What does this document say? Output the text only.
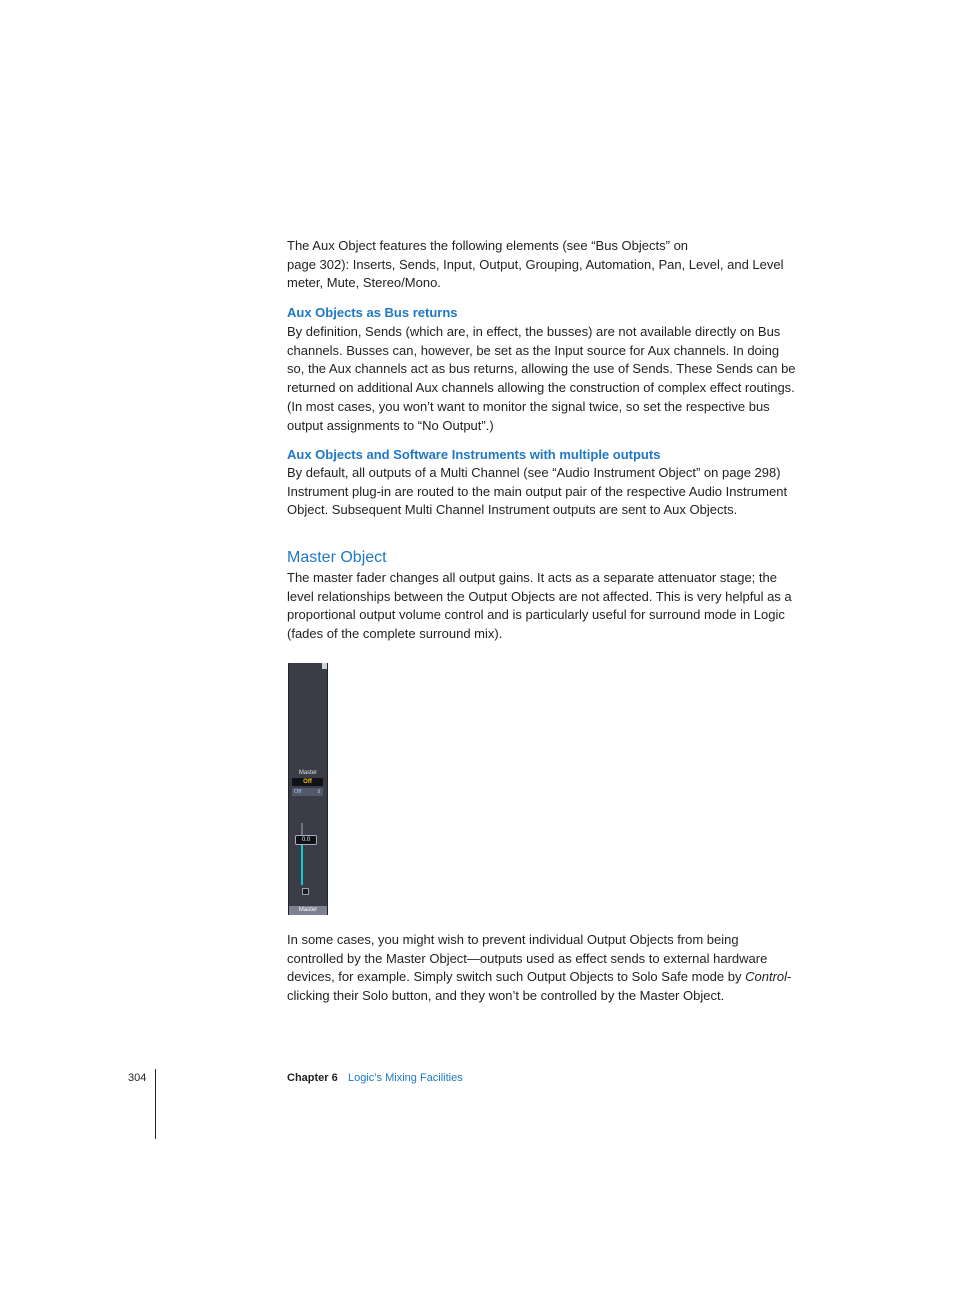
The Aux Object features the following elements (see “Bus Objects” on

page 302): Inserts, Sends, Input, Output, Grouping, Automation, Pan, Level, and Level meter, Mute, Stereo/Mono.

Aux Objects as Bus returns

By definition, Sends (which are, in effect, the busses) are not available directly on Bus channels. Busses can, however, be set as the Input source for Aux channels. In doing so, the Aux channels act as bus returns, allowing the use of Sends. These Sends can be returned on additional Aux channels allowing the construction of complex effect routings. (In most cases, you won’t want to monitor the signal twice, so set the respective bus output assignments to “No Output”.)

Aux Objects and Software Instruments with multiple outputs

By default, all outputs of a Multi Channel (see “Audio Instrument Object” on page 298) Instrument plug-in are routed to the main output pair of the respective Audio Instrument Object. Subsequent Multi Channel Instrument outputs are sent to Aux Objects.

Master Object

The master fader changes all output gains. It acts as a separate attenuator stage; the level relationships between the Output Objects are not affected. This is very helpful as a proportional output volume control and is particularly useful for surround mode in Logic (fades of the complete surround mix).

Master
Off
Off	⇕
0.0
Master

In some cases, you might wish to prevent individual Output Objects from being controlled by the Master Object—outputs used as effect sends to external hardware devices, for example. Simply switch such Output Objects to Solo Safe mode by Control-clicking their Solo button, and they won’t be controlled by the Master Object.

304	Chapter 6 Logic’s Mixing Facilities
